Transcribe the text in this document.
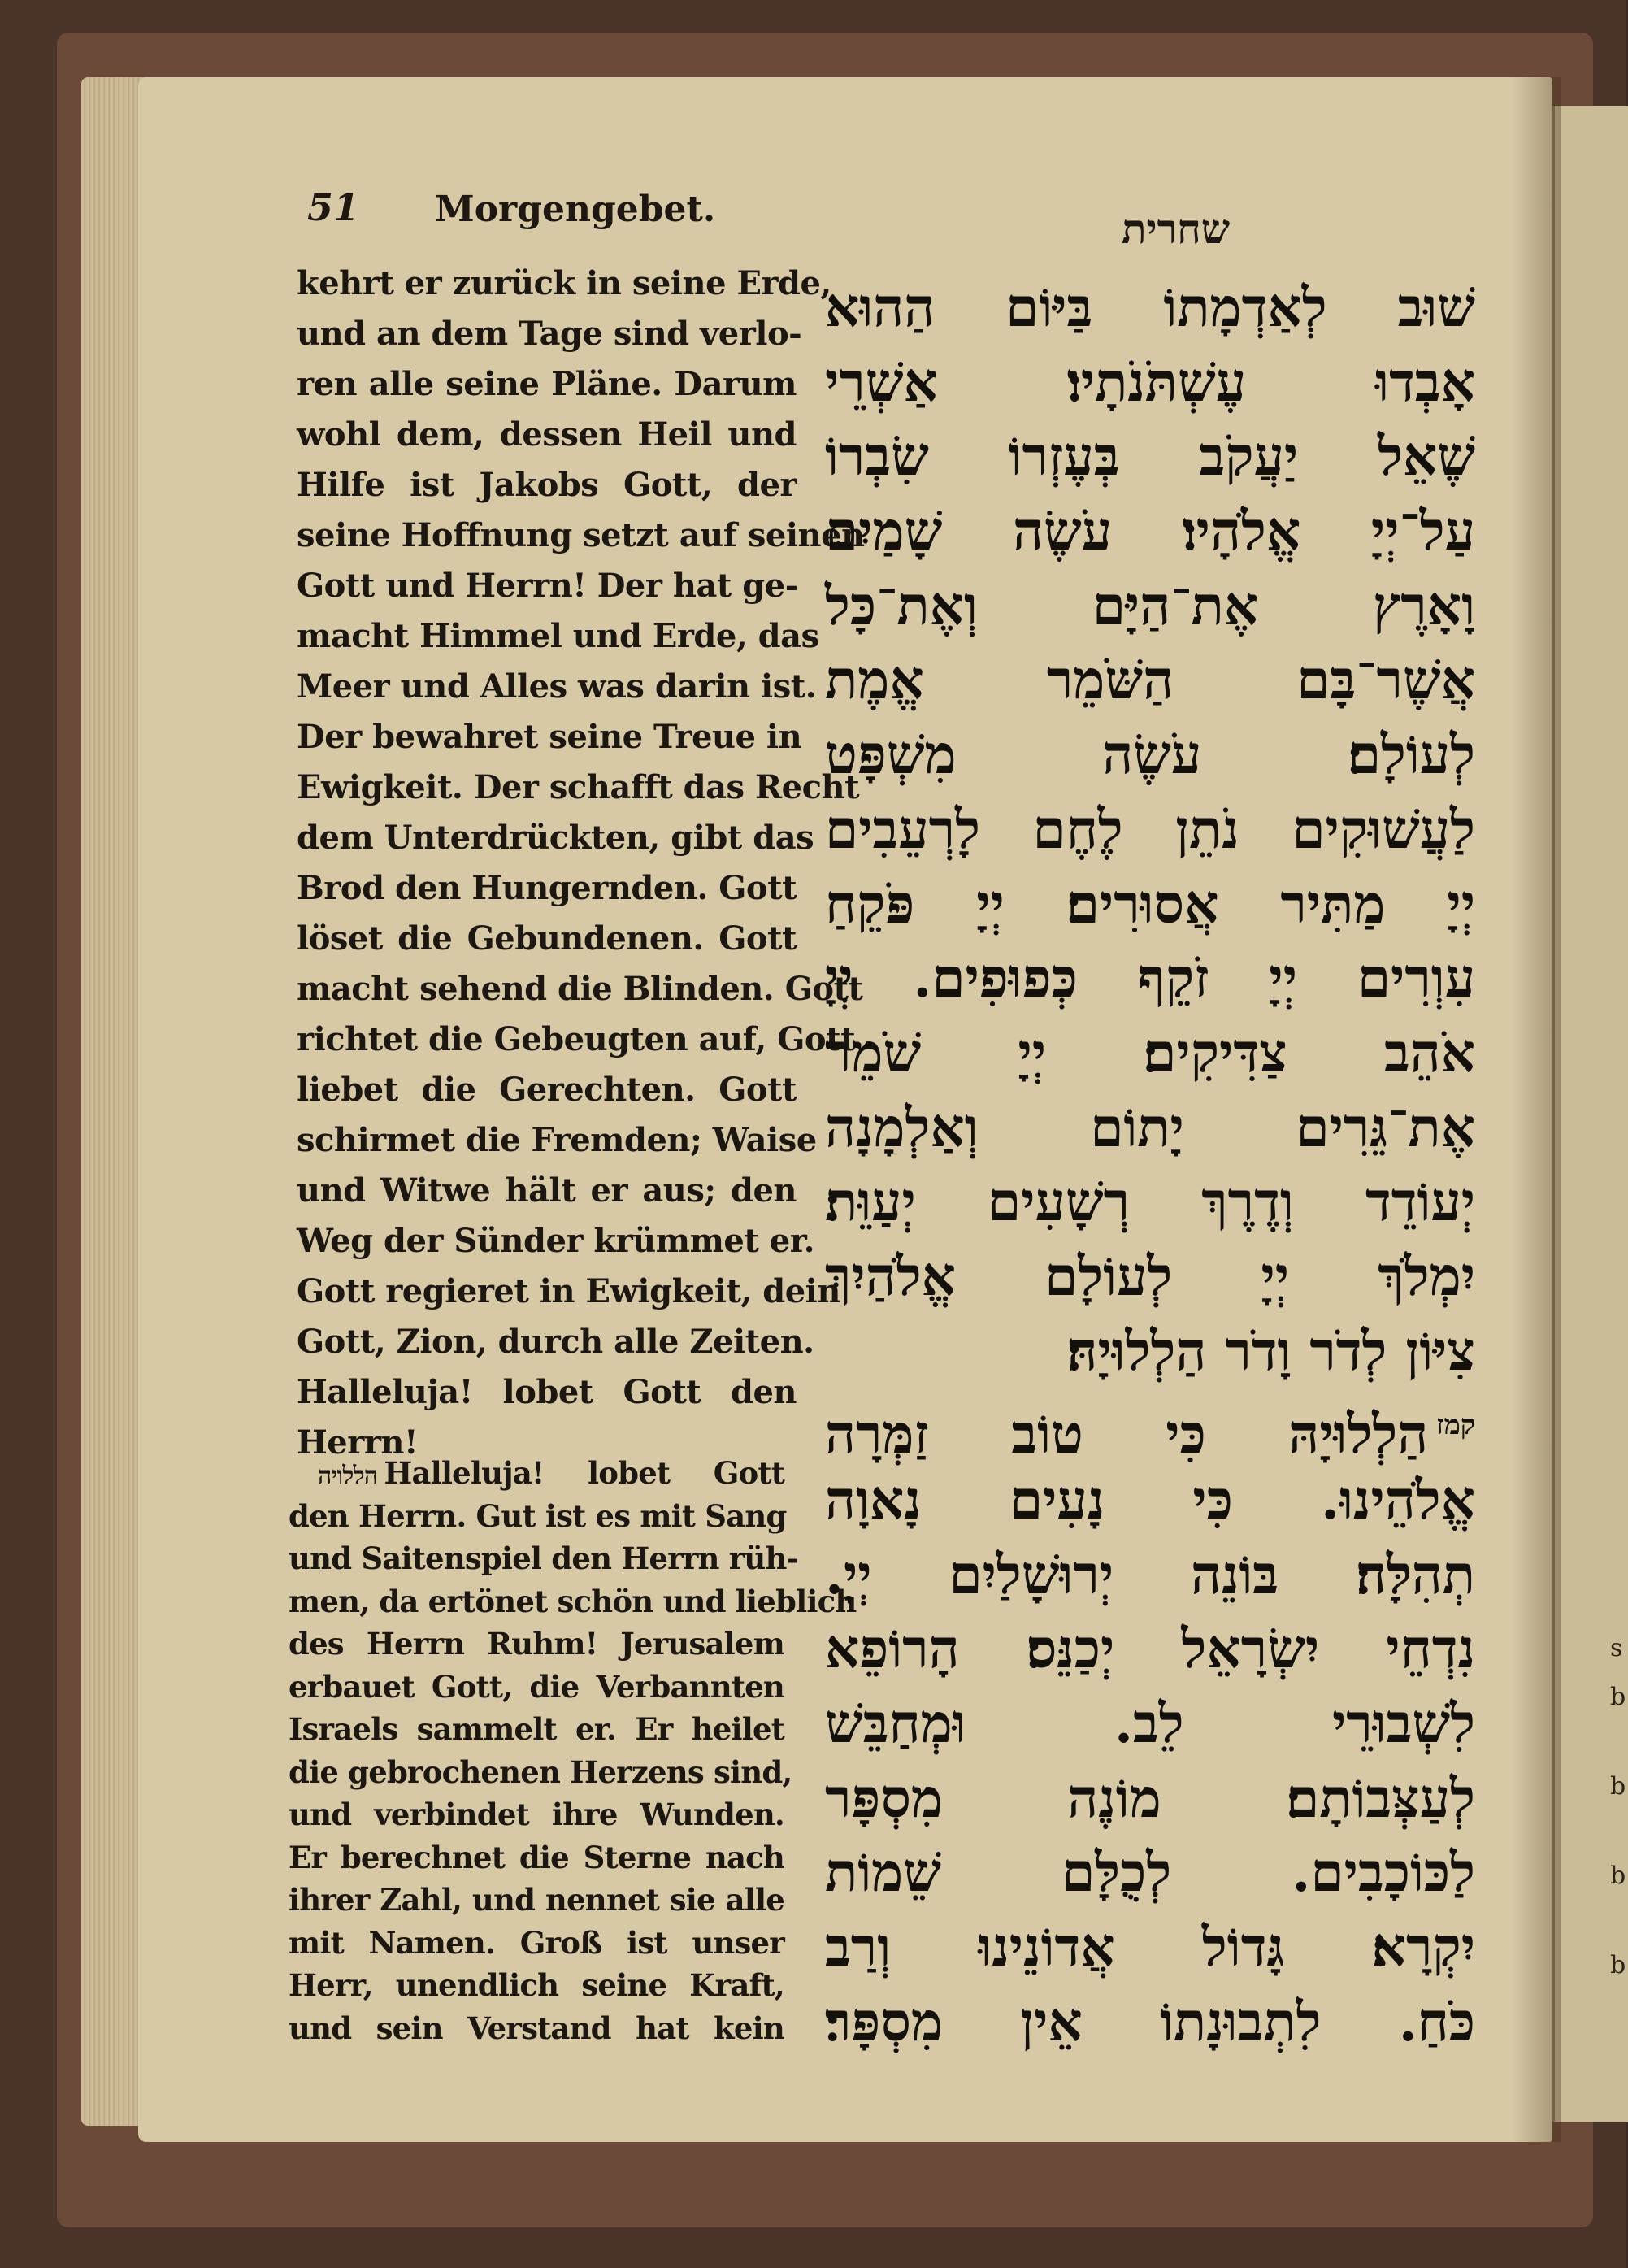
s
b
b
b
b
51 Morgengebet.	שחרית
kehrt er zurück in seine Erde,
und an dem Tage sind verlo-
ren alle seine Pläne. Darum
wohl dem, dessen Heil und
Hilfe ist Jakobs Gott, der
seine Hoffnung setzt auf seinen
Gott und Herrn! Der hat ge-
macht Himmel und Erde, das
Meer und Alles was darin ist.
Der bewahret seine Treue in
Ewigkeit. Der schafft das Recht
dem Unterdrückten, gibt das
Brod den Hungernden. Gott
löset die Gebundenen. Gott
macht sehend die Blinden. Gott
richtet die Gebeugten auf, Gott
liebet die Gerechten. Gott
schirmet die Fremden; Waise
und Witwe hält er aus; den
Weg der Sünder krümmet er.
Gott regieret in Ewigkeit, dein
Gott, Zion, durch alle Zeiten.
Halleluja! lobet Gott den
Herrn!
הללויה Halleluja! lobet Gott
den Herrn. Gut ist es mit Sang
und Saitenspiel den Herrn rüh-
men, da ertönet schön und lieblich
des Herrn Ruhm! Jerusalem
erbauet Gott, die Verbannten
Israels sammelt er. Er heilet
die gebrochenen Herzens sind,
und verbindet ihre Wunden.
Er berechnet die Sterne nach
ihrer Zahl, und nennet sie alle
mit Namen. Groß ist unser
Herr, unendlich seine Kraft,
und sein Verstand hat kein
שׁוּב לְאַדְמָתוֹ בַּיּוֹם הַהוּא
אָבְדוּ עֶשְׁתֹּנֹתָיו׃ אַשְׁרֵי
שֶׁאֵל יַעֲקֹב בְּעֶזְרוֹ שִׂבְרוֹ
עַל־יְיָ אֱלֹהָיו׃ עֹשֶׂה שָׁמַיִם
וָאָרֶץ אֶת־הַיָּם וְאֶת־כָּל
אֲשֶׁר־בָּם הַשֹּׁמֵר אֱמֶת
לְעוֹלָם׃ עֹשֶׂה מִשְׁפָּט
לַעֲשׁוּקִים נֹתֵן לֶחֶם לָרְעֵבִים
יְיָ מַתִּיר אֲסוּרִים׃ יְיָ פֹּקֵחַ
עִוְרִים יְיָ זֹקֵף כְּפוּפִים. יְיָ
אֹהֵב צַדִּיקִים׃ יְיָ שֹׁמֵר
אֶת־גֵּרִים יָתוֹם וְאַלְמָנָה
יְעוֹדֵד וְדֶרֶךְ רְשָׁעִים יְעַוֵּת׃
יִמְלֹךְ יְיָ לְעוֹלָם אֱלֹהַיִךְ
צִיּוֹן לְדֹר וָדֹר הַלְלוּיָהּ׃
$^{קמז}$הַלְלוּיָהּ כִּי טוֹב זַמְּרָה
אֱלֹהֵינוּ. כִּי נָעִים נָאוָה
תְהִלָּה׃ בּוֹנֵה יְרוּשָׁלַיִם יְיָ.
נִדְחֵי יִשְׂרָאֵל יְכַנֵּס׃ הָרוֹפֵא
לִשְׁבוּרֵי לֵב. וּמְחַבֵּשׁ
לְעַצְּבוֹתָם׃ מוֹנֶה מִסְפָּר
לַכּוֹכָבִים. לְכֻלָּם שֵׁמוֹת
יִקְרָא׃ גָּדוֹל אֲדוֹנֵינוּ וְרַב
כֹּחַ. לִתְבוּנָתוֹ אֵין מִסְפָּר׃
